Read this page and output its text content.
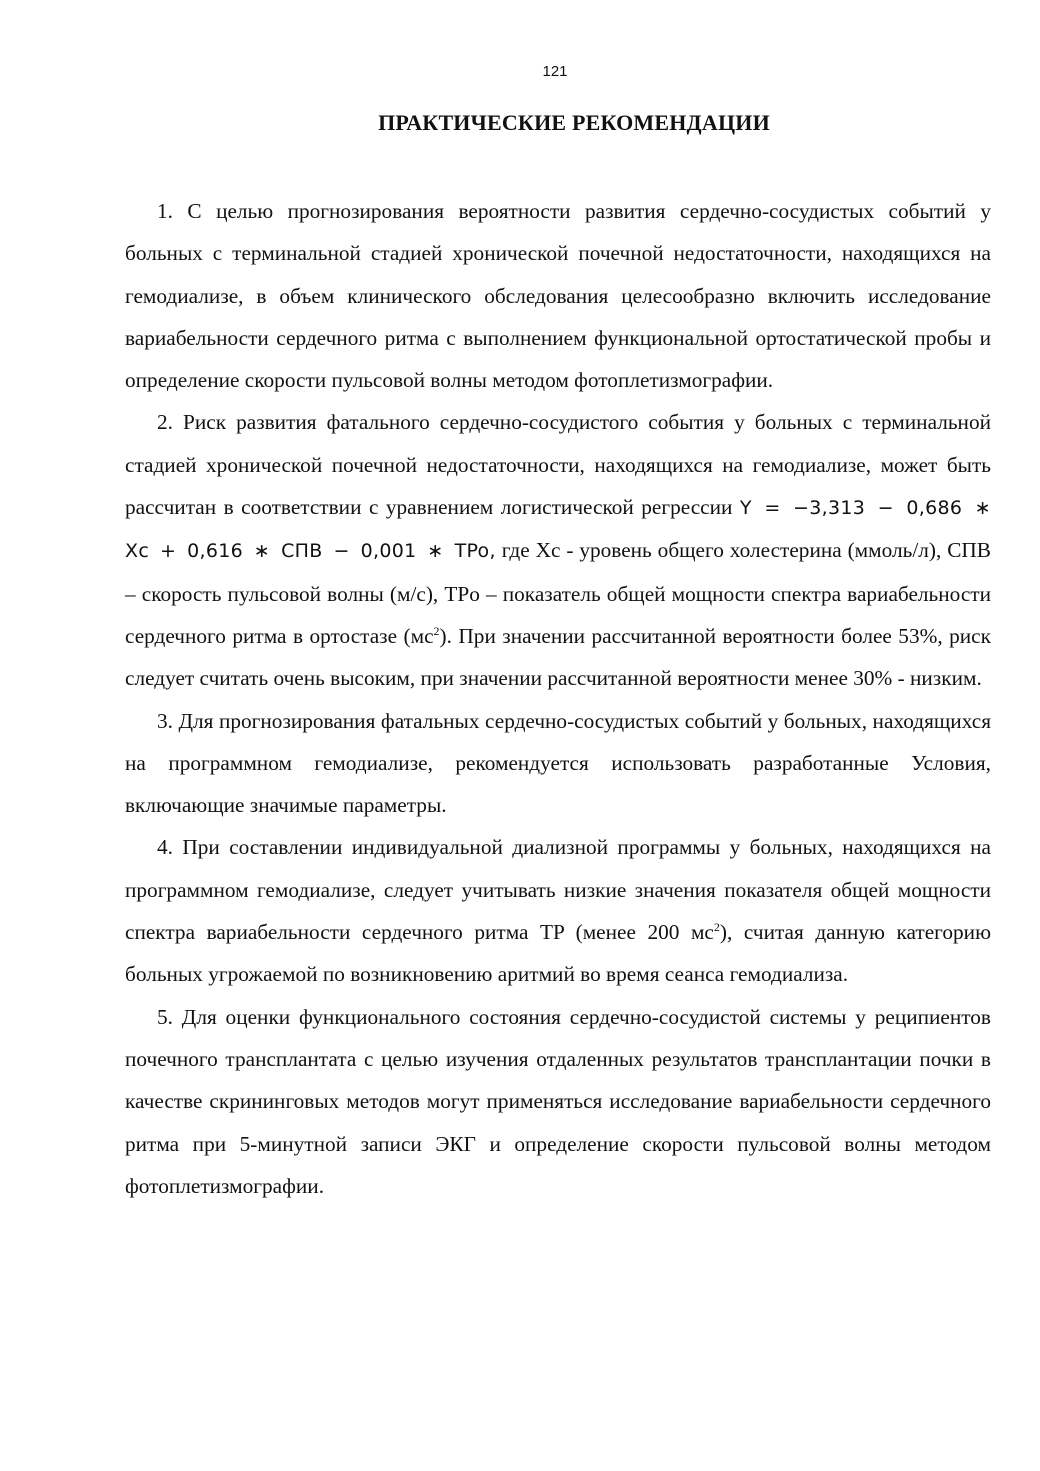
121
ПРАКТИЧЕСКИЕ РЕКОМЕНДАЦИИ

1. С целью прогнозирования вероятности развития сердечно-сосудистых событий у больных с терминальной стадией хронической почечной недостаточности, находящихся на гемодиализе, в объем клинического обследования целесообразно включить исследование вариабельности сердечного ритма с выполнением функциональной ортостатической пробы и определение скорости пульсовой волны методом фотоплетизмографии.

2. Риск развития фатального сердечно-сосудистого события у больных с терминальной стадией хронической почечной недостаточности, находящихся на гемодиализе, может быть рассчитан в соответствии с уравнением логистической регрессии Y = −3,313 − 0,686 ∗ Xc + 0,616 ∗ СПВ − 0,001 ∗ TPo, где Хс - уровень общего холестерина (ммоль/л), СПВ – скорость пульсовой волны (м/с), TPo – показатель общей мощности спектра вариабельности сердечного ритма в ортостазе $(мс^2)$. При значении рассчитанной вероятности более 53%, риск следует считать очень высоким, при значении рассчитанной вероятности менее 30% - низким.

3. Для прогнозирования фатальных сердечно-сосудистых событий у больных, находящихся на программном гемодиализе, рекомендуется использовать разработанные Условия, включающие значимые параметры.

4. При составлении индивидуальной диализной программы у больных, находящихся на программном гемодиализе, следует учитывать низкие значения показателя общей мощности спектра вариабельности сердечного ритма TP (менее 200 $мс^2$), считая данную категорию больных угрожаемой по возникновению аритмий во время сеанса гемодиализа.

5. Для оценки функционального состояния сердечно-сосудистой системы у реципиентов почечного трансплантата с целью изучения отдаленных результатов трансплантации почки в качестве скрининговых методов могут применяться исследование вариабельности сердечного ритма при 5-минутной записи ЭКГ и определение скорости пульсовой волны методом фотоплетизмографии.
